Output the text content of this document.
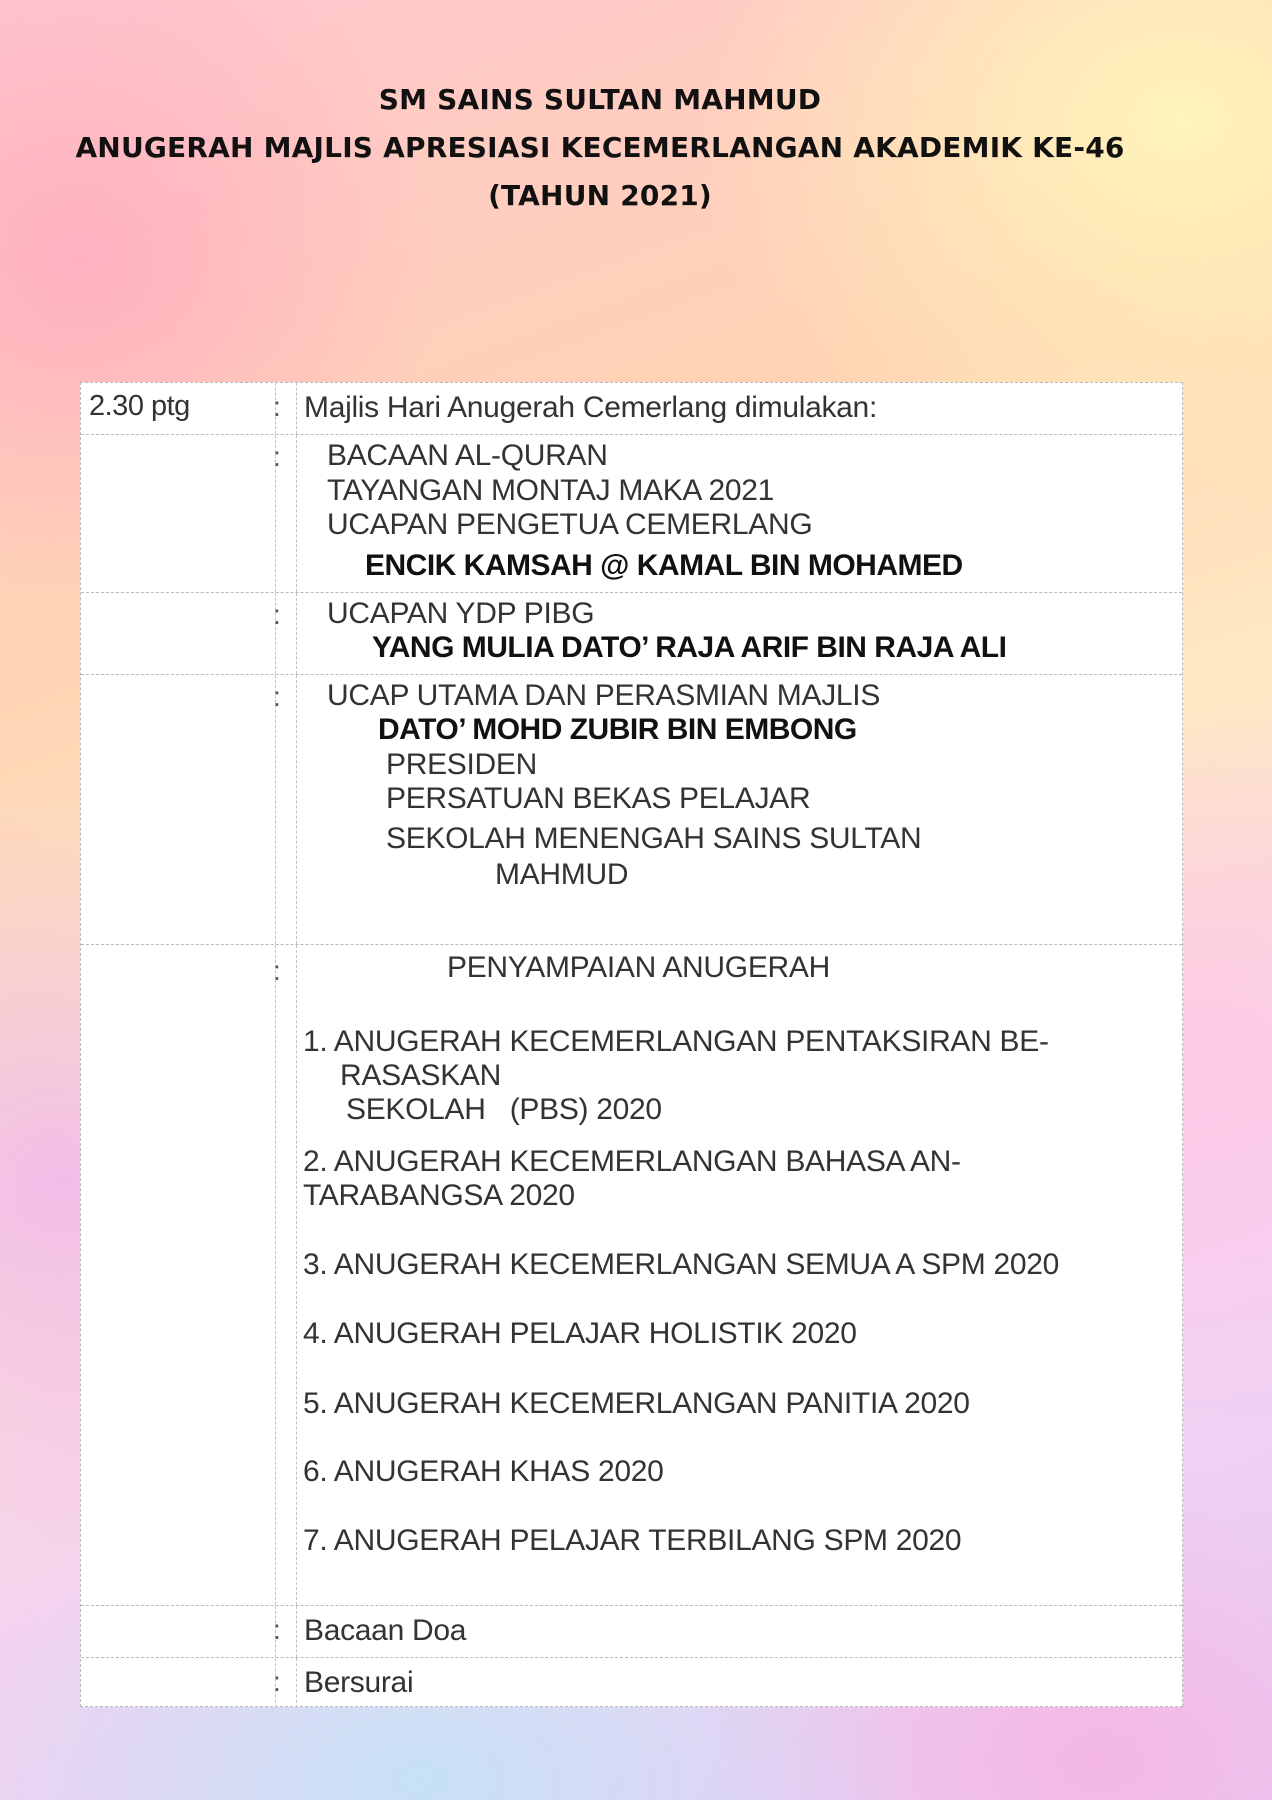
SM SAINS SULTAN MAHMUD
ANUGERAH MAJLIS APRESIASI KECEMERLANGAN AKADEMIK KE-46
(TAHUN 2021)
2.30 ptg	: Majlis Hari Anugerah Cemerlang dimulakan:
: BACAAN AL-QURAN
TAYANGAN MONTAJ MAKA 2021
UCAPAN PENGETUA CEMERLANG
ENCIK KAMSAH @ KAMAL BIN MOHAMED
: UCAPAN YDP PIBG
YANG MULIA DATO’ RAJA ARIF BIN RAJA ALI
: UCAP UTAMA DAN PERASMIAN MAJLIS
DATO’ MOHD ZUBIR BIN EMBONG
PRESIDEN
PERSATUAN BEKAS PELAJAR
SEKOLAH MENENGAH SAINS SULTAN
MAHMUD
:	PENYAMPAIAN ANUGERAH
1. ANUGERAH KECEMERLANGAN PENTAKSIRAN BE-
RASASKAN
SEKOLAH   (PBS) 2020
2. ANUGERAH KECEMERLANGAN BAHASA AN-
TARABANGSA 2020
3. ANUGERAH KECEMERLANGAN SEMUA A SPM 2020
4. ANUGERAH PELAJAR HOLISTIK 2020
5. ANUGERAH KECEMERLANGAN PANITIA 2020
6. ANUGERAH KHAS 2020
7. ANUGERAH PELAJAR TERBILANG SPM 2020
: Bacaan Doa
: Bersurai
